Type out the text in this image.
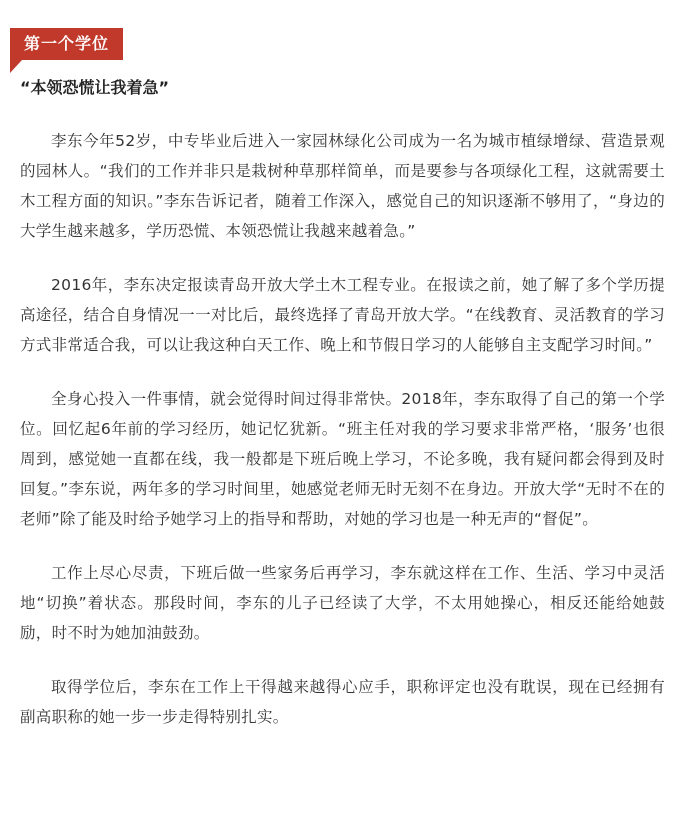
第一个学位
“本领恐慌让我着急”

李东今年52岁，中专毕业后进入一家园林绿化公司成为一名为城市植绿增绿、营造景观的园林人。“我们的工作并非只是栽树种草那样简单，而是要参与各项绿化工程，这就需要土木工程方面的知识。”李东告诉记者，随着工作深入，感觉自己的知识逐渐不够用了，“身边的大学生越来越多，学历恐慌、本领恐慌让我越来越着急。”

2016年，李东决定报读青岛开放大学土木工程专业。在报读之前，她了解了多个学历提高途径，结合自身情况一一对比后，最终选择了青岛开放大学。“在线教育、灵活教育的学习方式非常适合我，可以让我这种白天工作、晚上和节假日学习的人能够自主支配学习时间。”

全身心投入一件事情，就会觉得时间过得非常快。2018年，李东取得了自己的第一个学位。回忆起6年前的学习经历，她记忆犹新。“班主任对我的学习要求非常严格，‘服务’也很周到，感觉她一直都在线，我一般都是下班后晚上学习，不论多晚，我有疑问都会得到及时回复。”李东说，两年多的学习时间里，她感觉老师无时无刻不在身边。开放大学“无时不在的老师”除了能及时给予她学习上的指导和帮助，对她的学习也是一种无声的“督促”。

工作上尽心尽责，下班后做一些家务后再学习，李东就这样在工作、生活、学习中灵活地“切换”着状态。那段时间，李东的儿子已经读了大学，不太用她操心，相反还能给她鼓励，时不时为她加油鼓劲。

取得学位后，李东在工作上干得越来越得心应手，职称评定也没有耽误，现在已经拥有副高职称的她一步一步走得特别扎实。
